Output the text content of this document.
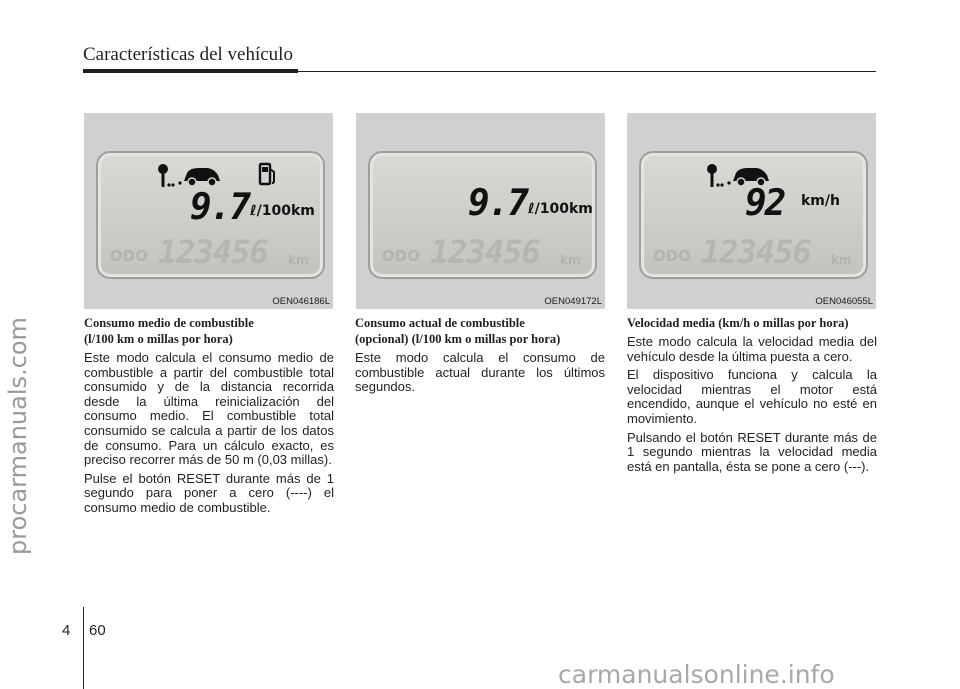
Características del vehículo
procarmanuals.com
9.7 ℓ/100km
ODO 123456 km
OEN046186L
9.7 ℓ/100km
ODO 123456 km
OEN049172L
92 km/h
ODO 123456 km
OEN046055L
Consumo medio de combustible
(l/100 km o millas por hora)

Este modo calcula el consumo medio de combustible a partir del combustible total consumido y de la distancia recorrida desde la última reinicialización del consumo medio. El combustible total consumido se calcula a partir de los datos de consumo. Para un cálculo exacto, es preciso recorrer más de 50 m (0,03 millas).

Pulse el botón RESET durante más de 1 segundo para poner a cero (----) el consumo medio de combustible.

Consumo actual de combustible
(opcional) (l/100 km o millas por hora)

Este modo calcula el consumo de combustible actual durante los últimos segundos.

Velocidad media (km/h o millas por hora)

Este modo calcula la velocidad media del vehículo desde la última puesta a cero.

El dispositivo funciona y calcula la velocidad mientras el motor está encendido, aunque el vehículo no esté en movimiento.

Pulsando el botón RESET durante más de 1 segundo mientras la velocidad media está en pantalla, ésta se pone a cero (---).

4 60
carmanualsonline.info
